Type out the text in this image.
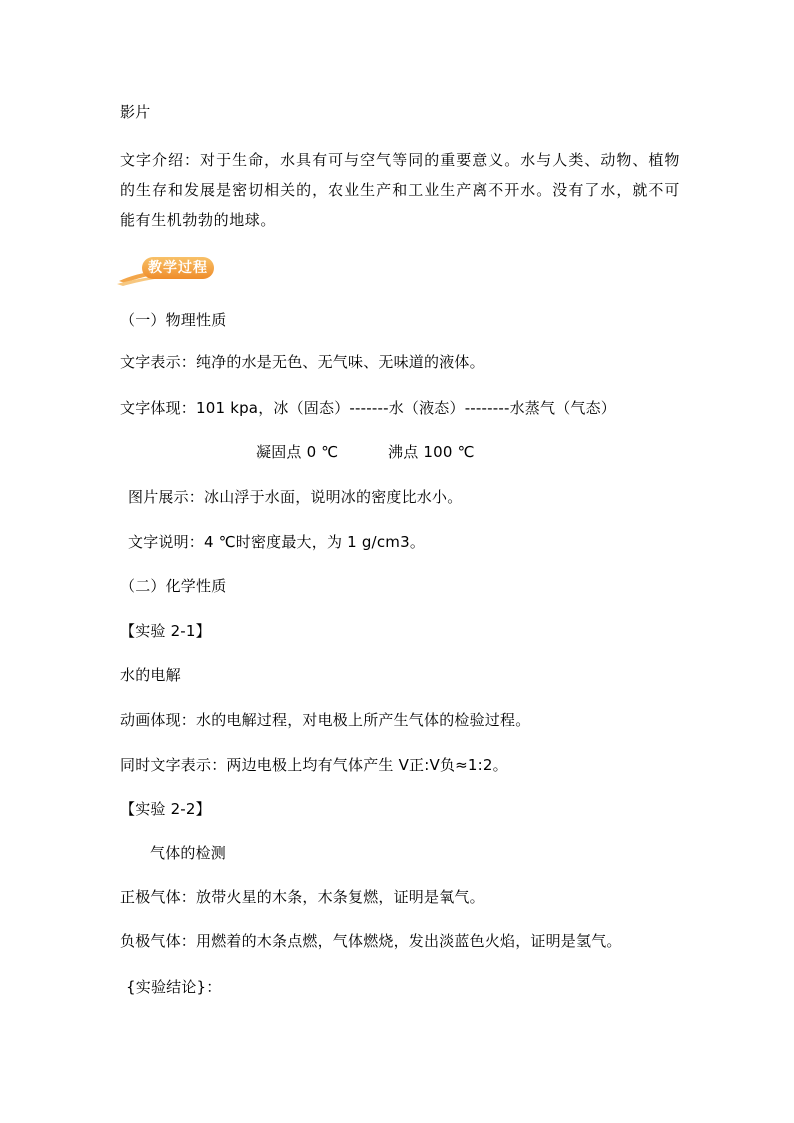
影片
文字介绍：对于生命，水具有可与空气等同的重要意义。水与人类、动物、植物的生存和发展是密切相关的，农业生产和工业生产离不开水。没有了水，就不可能有生机勃勃的地球。
教学过程
（一）物理性质
文字表示：纯净的水是无色、无气味、无味道的液体。
文字体现：101 kpa，冰（固态）-------水（液态）--------水蒸气（气态）
凝固点 0 ℃          沸点 100 ℃
图片展示：冰山浮于水面，说明冰的密度比水小。
文字说明：4 ℃时密度最大，为 1 g/cm3。
（二）化学性质
【实验 2-1】
水的电解
动画体现：水的电解过程，对电极上所产生气体的检验过程。
同时文字表示：两边电极上均有气体产生 V正:V负≈1:2。
【实验 2-2】
气体的检测
正极气体：放带火星的木条，木条复燃，证明是氧气。
负极气体：用燃着的木条点燃，气体燃烧，发出淡蓝色火焰，证明是氢气。
{实验结论}：
